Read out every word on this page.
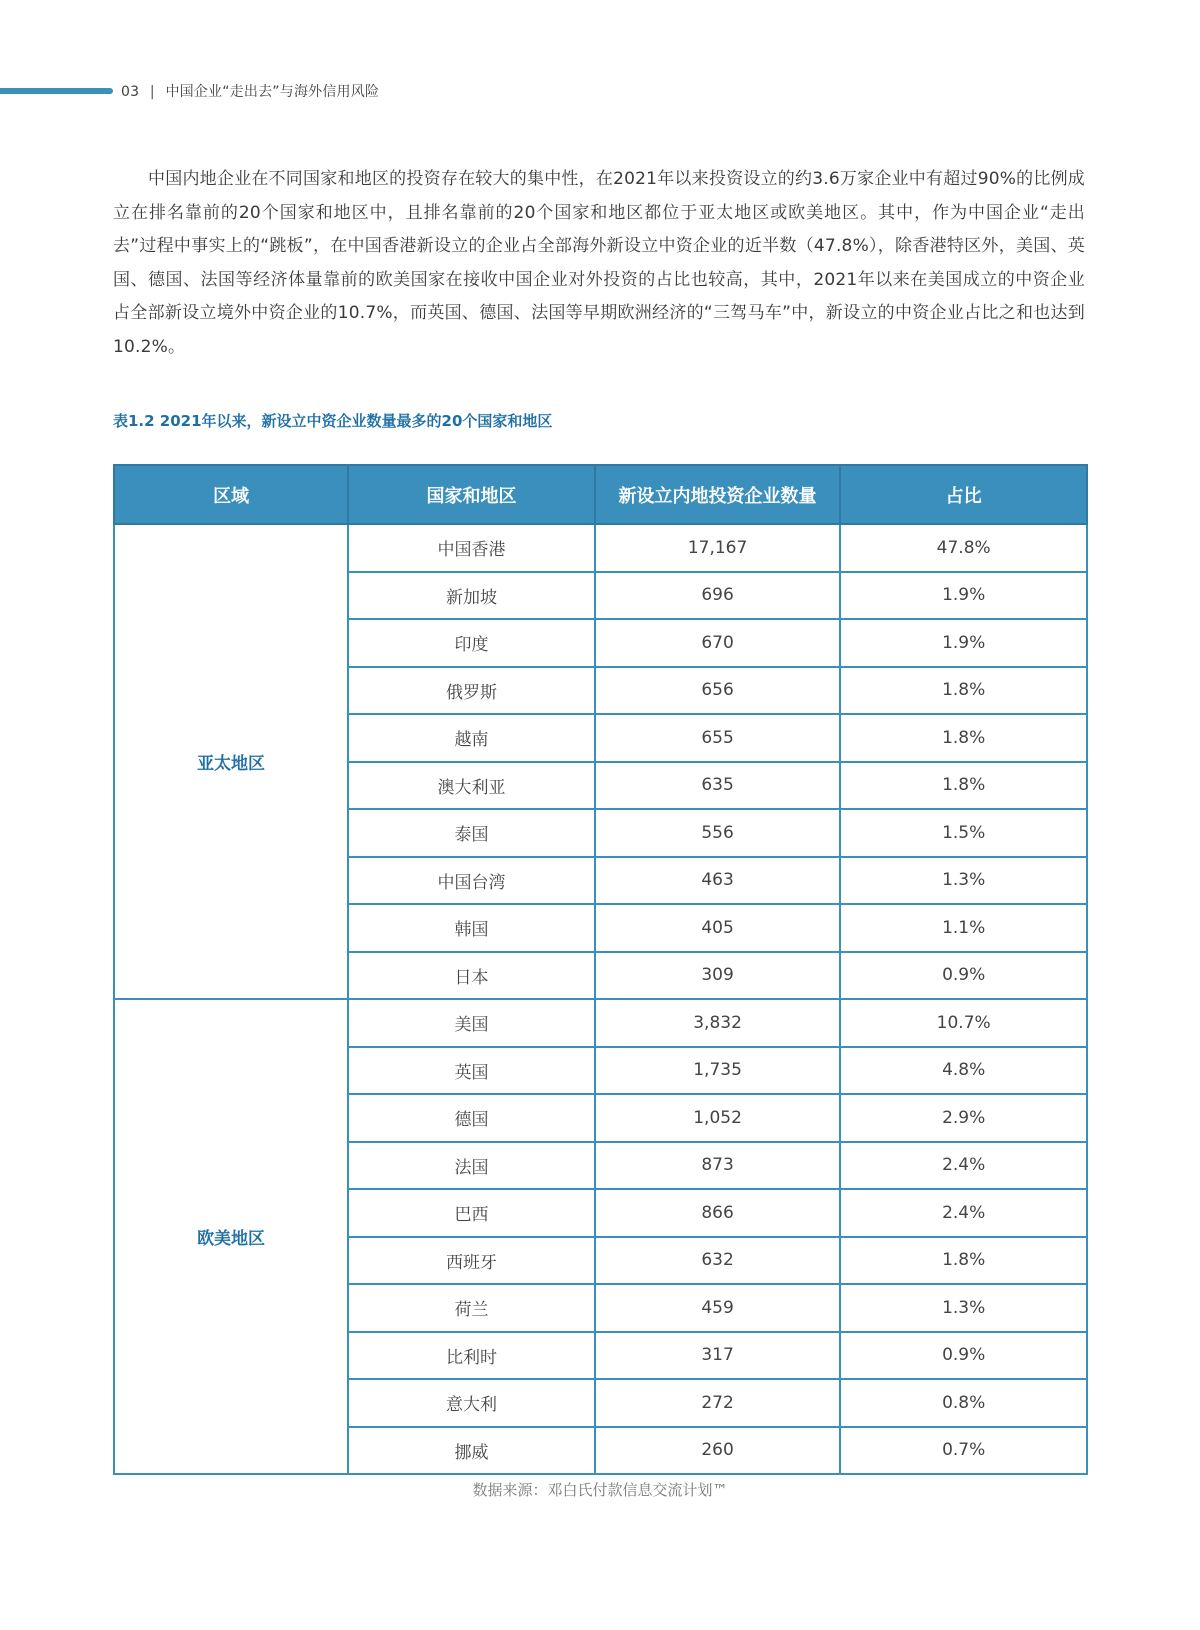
03 | 中国企业“走出去”与海外信用风险
中国内地企业在不同国家和地区的投资存在较大的集中性，在2021年以来投资设立的约3.6万家企业中有超过90%的比例成立在排名靠前的20个国家和地区中，且排名靠前的20个国家和地区都位于亚太地区或欧美地区。其中，作为中国企业“走出去”过程中事实上的“跳板”，在中国香港新设立的企业占全部海外新设立中资企业的近半数（47.8%），除香港特区外，美国、英国、德国、法国等经济体量靠前的欧美国家在接收中国企业对外投资的占比也较高，其中，2021年以来在美国成立的中资企业占全部新设立境外中资企业的10.7%，而英国、德国、法国等早期欧洲经济的“三驾马车”中，新设立的中资企业占比之和也达到10.2%。
表1.2 2021年以来，新设立中资企业数量最多的20个国家和地区
区域	国家和地区	新设立内地投资企业数量	占比
亚太地区	中国香港	17,167	47.8%
	新加坡	696	1.9%
	印度	670	1.9%
	俄罗斯	656	1.8%
	越南	655	1.8%
	澳大利亚	635	1.8%
	泰国	556	1.5%
	中国台湾	463	1.3%
	韩国	405	1.1%
	日本	309	0.9%
欧美地区	美国	3,832	10.7%
	英国	1,735	4.8%
	德国	1,052	2.9%
	法国	873	2.4%
	巴西	866	2.4%
	西班牙	632	1.8%
	荷兰	459	1.3%
	比利时	317	0.9%
	意大利	272	0.8%
	挪威	260	0.7%
数据来源：邓白氏付款信息交流计划™
